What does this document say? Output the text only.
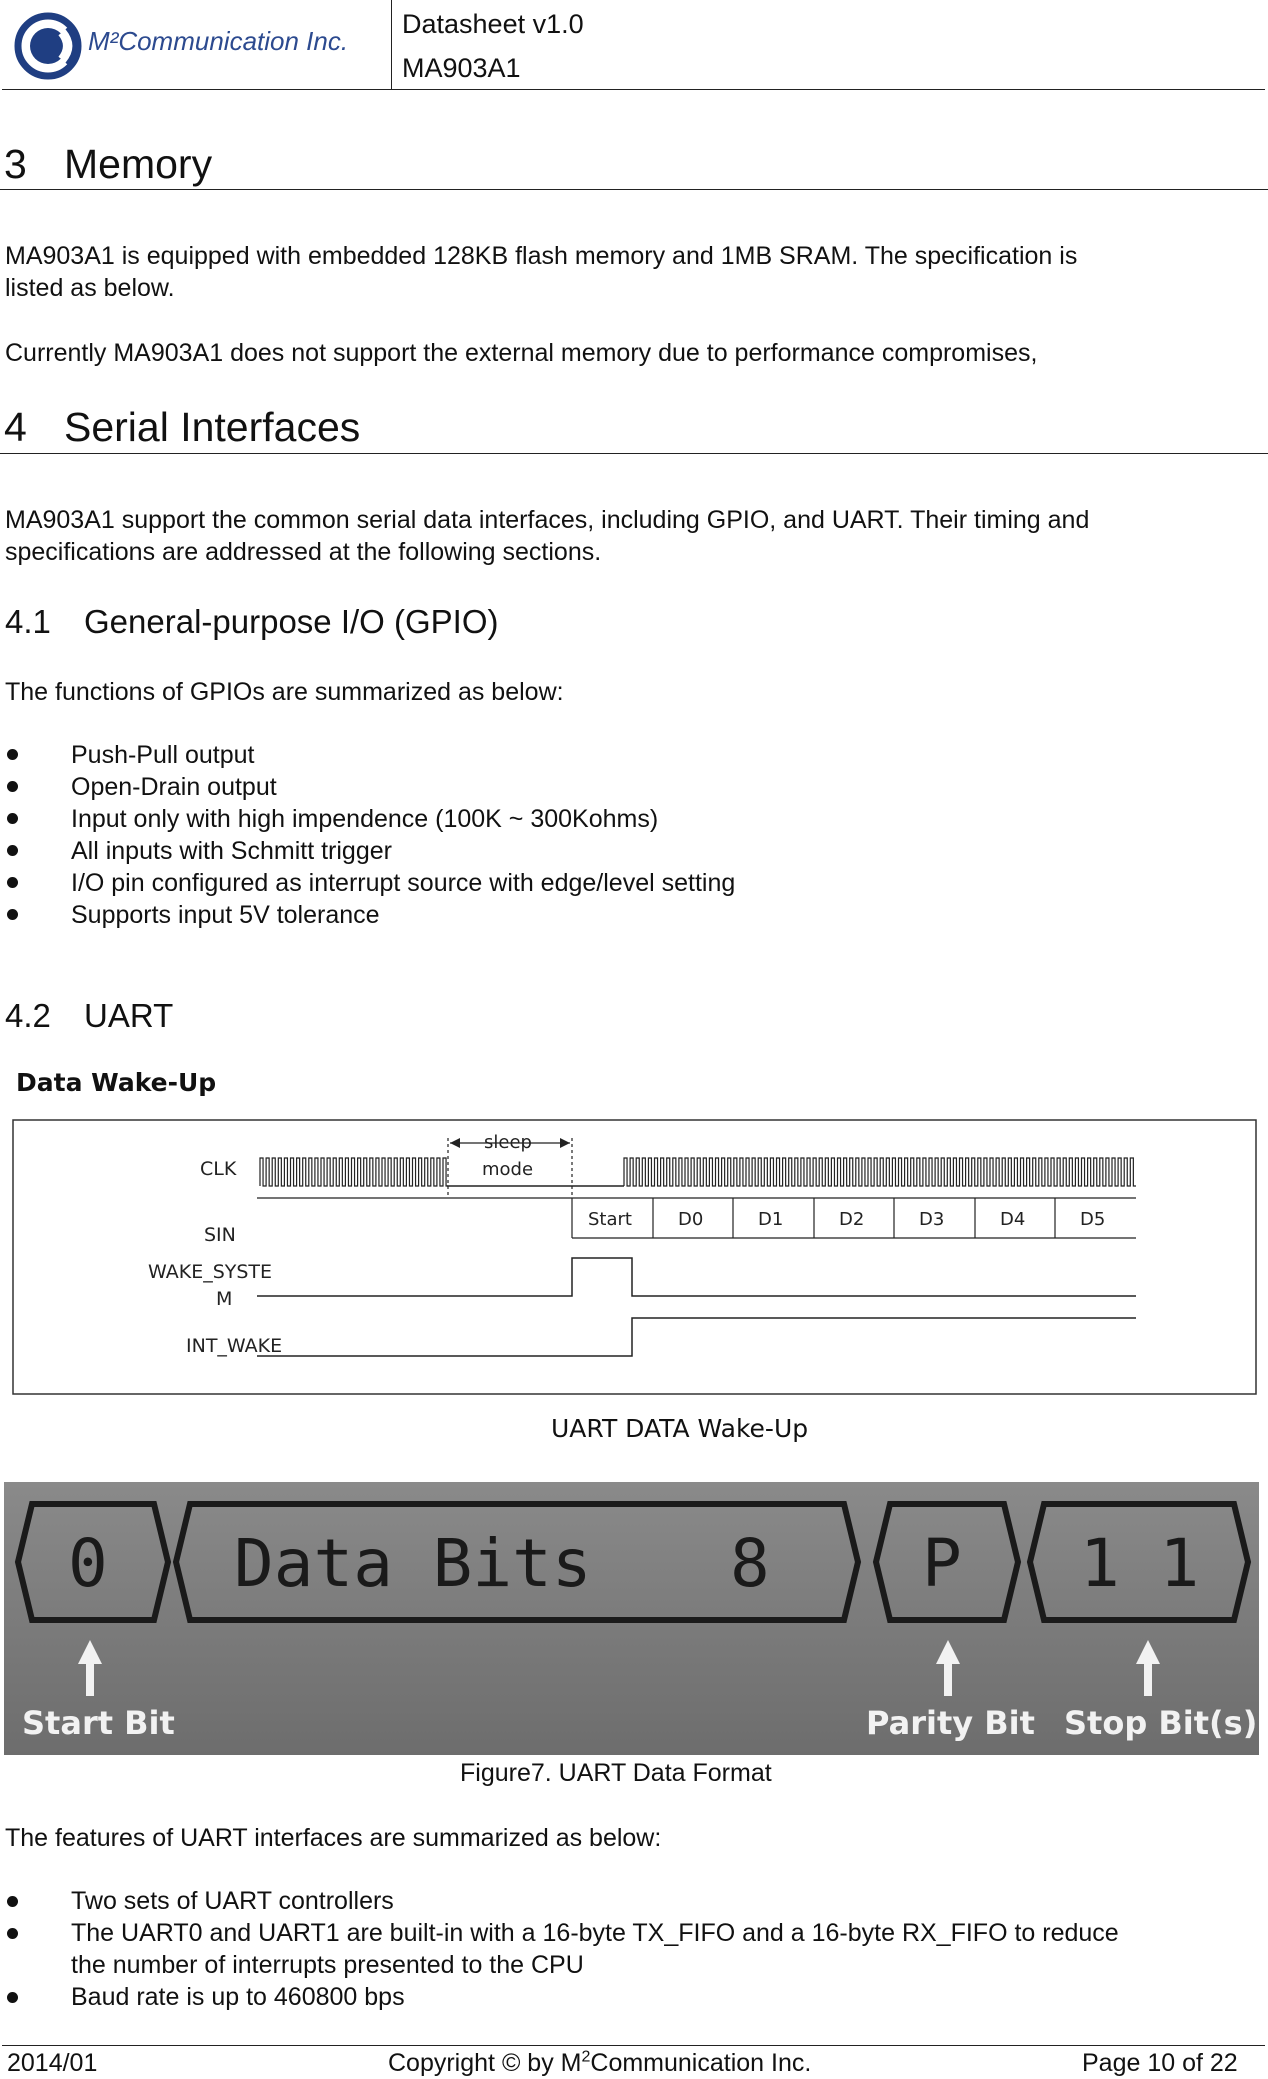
M²Communication Inc.
Datasheet v1.0
MA903A1
3 Memory
MA903A1 is equipped with embedded 128KB flash memory and 1MB SRAM. The specification is
listed as below.
Currently MA903A1 does not support the external memory due to performance compromises,
4 Serial Interfaces
MA903A1 support the common serial data interfaces, including GPIO, and UART. Their timing and
specifications are addressed at the following sections.
4.1 General-purpose I/O (GPIO)
The functions of GPIOs are summarized as below:
Push-Pull output
Open-Drain output
Input only with high impendence (100K ~ 300Kohms)
All inputs with Schmitt trigger
I/O pin configured as interrupt source with edge/level setting
Supports input 5V tolerance
4.2 UART
Data Wake-Up
CLK
SIN
WAKE_SYSTE
M
INT_WAKE
sleep
mode
Start	D0	D1	D2	D3	D4	D5
UART DATA Wake-Up
0 Data Bits 8 P 1 1
Start Bit	Parity Bit Stop Bit(s)
Figure7. UART Data Format
The features of UART interfaces are summarized as below:
Two sets of UART controllers
The UART0 and UART1 are built-in with a 16-byte TX_FIFO and a 16-byte RX_FIFO to reduce
the number of interrupts presented to the CPU
Baud rate is up to 460800 bps
2014/01	Copyright © by $M^2Communication$ Inc.	Page 10 of 22
